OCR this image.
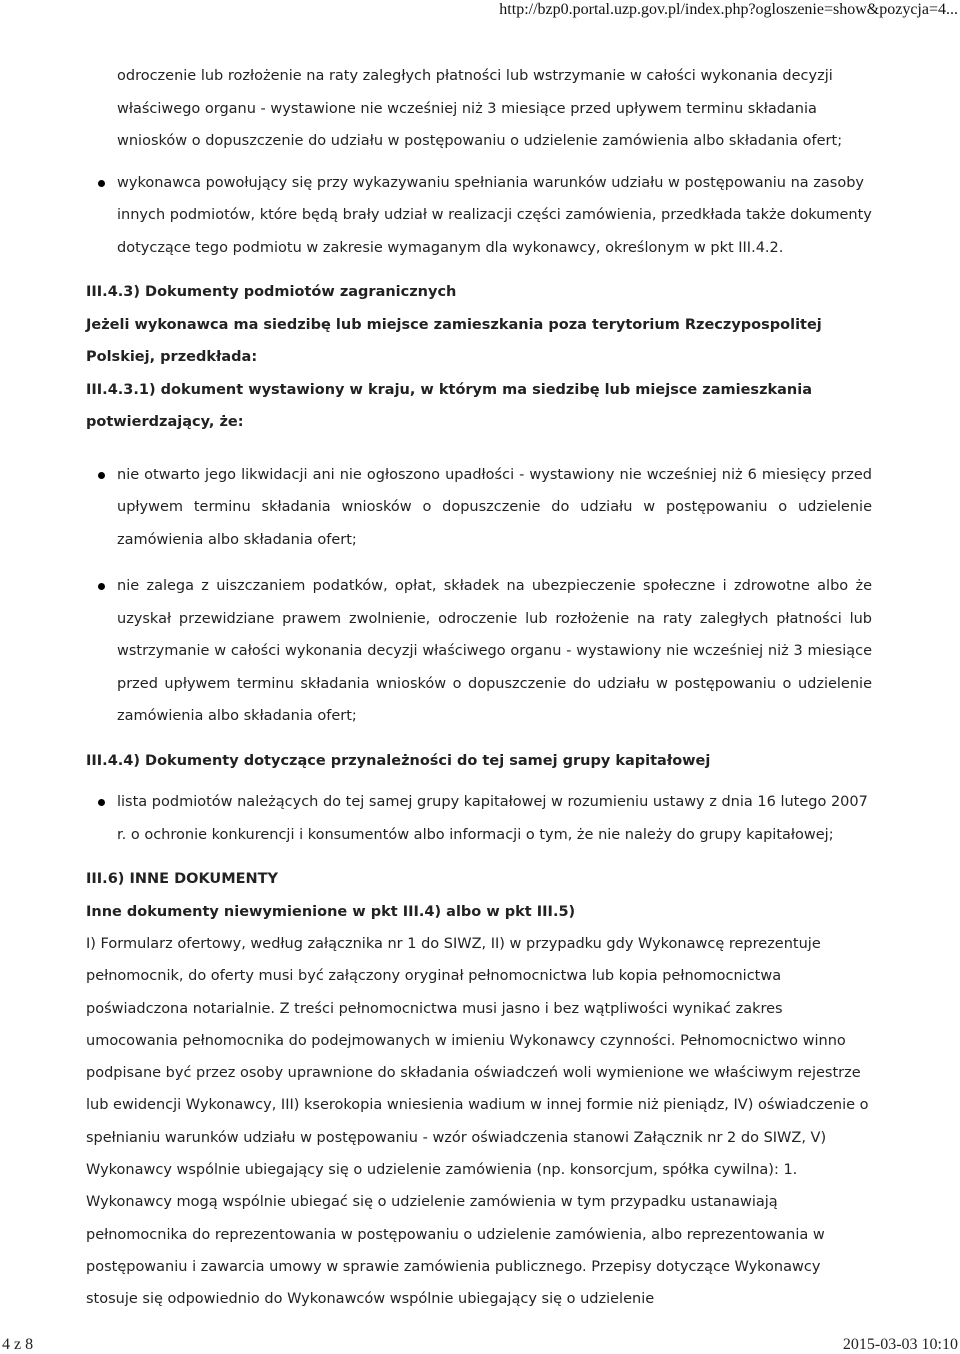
http://bzp0.portal.uzp.gov.pl/index.php?ogloszenie=show&pozycja=4...

odroczenie lub rozłożenie na raty zaległych płatności lub wstrzymanie w całości wykonania decyzji właściwego organu - wystawione nie wcześniej niż 3 miesiące przed upływem terminu składania wniosków o dopuszczenie do udziału w postępowaniu o udzielenie zamówienia albo składania ofert;

wykonawca powołujący się przy wykazywaniu spełniania warunków udziału w postępowaniu na zasoby innych podmiotów, które będą brały udział w realizacji części zamówienia, przedkłada także dokumenty dotyczące tego podmiotu w zakresie wymaganym dla wykonawcy, określonym w pkt III.4.2.

III.4.3) Dokumenty podmiotów zagranicznych

Jeżeli wykonawca ma siedzibę lub miejsce zamieszkania poza terytorium Rzeczypospolitej Polskiej, przedkłada:

III.4.3.1) dokument wystawiony w kraju, w którym ma siedzibę lub miejsce zamieszkania potwierdzający, że:

nie otwarto jego likwidacji ani nie ogłoszono upadłości - wystawiony nie wcześniej niż 6 miesięcy przed upływem terminu składania wniosków o dopuszczenie do udziału w postępowaniu o udzielenie zamówienia albo składania ofert;
nie zalega z uiszczaniem podatków, opłat, składek na ubezpieczenie społeczne i zdrowotne albo że uzyskał przewidziane prawem zwolnienie, odroczenie lub rozłożenie na raty zaległych płatności lub wstrzymanie w całości wykonania decyzji właściwego organu - wystawiony nie wcześniej niż 3 miesiące przed upływem terminu składania wniosków o dopuszczenie do udziału w postępowaniu o udzielenie zamówienia albo składania ofert;

III.4.4) Dokumenty dotyczące przynależności do tej samej grupy kapitałowej

lista podmiotów należących do tej samej grupy kapitałowej w rozumieniu ustawy z dnia 16 lutego 2007 r. o ochronie konkurencji i konsumentów albo informacji o tym, że nie należy do grupy kapitałowej;

III.6) INNE DOKUMENTY

Inne dokumenty niewymienione w pkt III.4) albo w pkt III.5)

I) Formularz ofertowy, według załącznika nr 1 do SIWZ, II) w przypadku gdy Wykonawcę reprezentuje pełnomocnik, do oferty musi być załączony oryginał pełnomocnictwa lub kopia pełnomocnictwa poświadczona notarialnie. Z treści pełnomocnictwa musi jasno i bez wątpliwości wynikać zakres umocowania pełnomocnika do podejmowanych w imieniu Wykonawcy czynności. Pełnomocnictwo winno podpisane być przez osoby uprawnione do składania oświadczeń woli wymienione we właściwym rejestrze lub ewidencji Wykonawcy, III) kserokopia wniesienia wadium w innej formie niż pieniądz, IV) oświadczenie o spełnianiu warunków udziału w postępowaniu - wzór oświadczenia stanowi Załącznik nr 2 do SIWZ, V) Wykonawcy wspólnie ubiegający się o udzielenie zamówienia (np. konsorcjum, spółka cywilna): 1. Wykonawcy mogą wspólnie ubiegać się o udzielenie zamówienia w tym przypadku ustanawiają pełnomocnika do reprezentowania w postępowaniu o udzielenie zamówienia, albo reprezentowania w postępowaniu i zawarcia umowy w sprawie zamówienia publicznego. Przepisy dotyczące Wykonawcy stosuje się odpowiednio do Wykonawców wspólnie ubiegający się o udzielenie

4 z 8	2015-03-03 10:10
